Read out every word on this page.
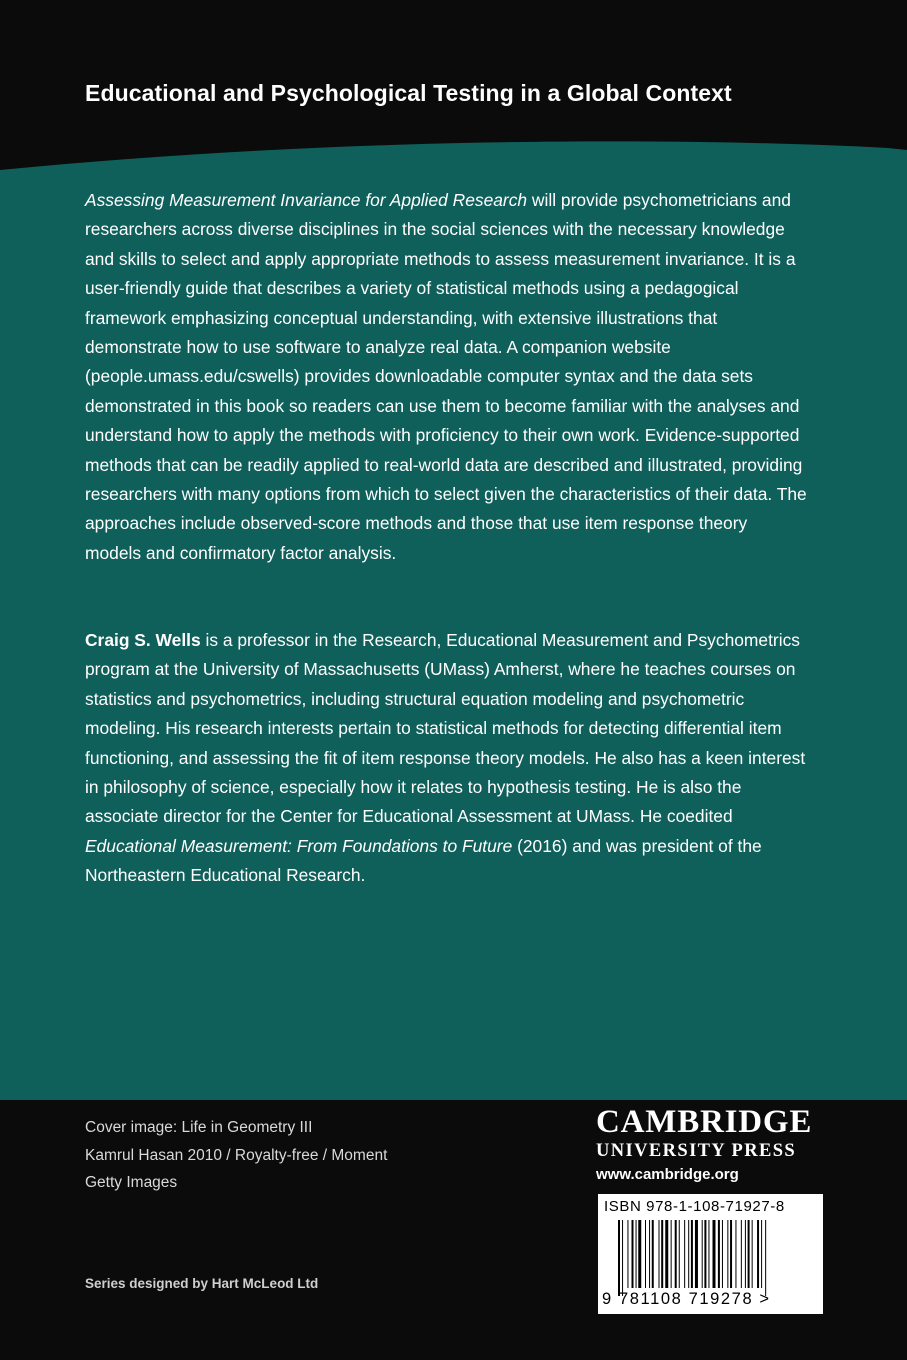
Educational and Psychological Testing in a Global Context

Assessing Measurement Invariance for Applied Research will provide psychometricians and researchers across diverse disciplines in the social sciences with the necessary knowledge and skills to select and apply appropriate methods to assess measurement invariance. It is a user-friendly guide that describes a variety of statistical methods using a pedagogical framework emphasizing conceptual understanding, with extensive illustrations that demonstrate how to use software to analyze real data. A companion website (people.umass.edu/cswells) provides downloadable computer syntax and the data sets demonstrated in this book so readers can use them to become familiar with the analyses and understand how to apply the methods with proficiency to their own work. Evidence-supported methods that can be readily applied to real-world data are described and illustrated, providing researchers with many options from which to select given the characteristics of their data. The approaches include observed-score methods and those that use item response theory models and confirmatory factor analysis.

Craig S. Wells is a professor in the Research, Educational Measurement and Psychometrics program at the University of Massachusetts (UMass) Amherst, where he teaches courses on statistics and psychometrics, including structural equation modeling and psychometric modeling. His research interests pertain to statistical methods for detecting differential item functioning, and assessing the fit of item response theory models. He also has a keen interest in philosophy of science, especially how it relates to hypothesis testing. He is also the associate director for the Center for Educational Assessment at UMass. He coedited Educational Measurement: From Foundations to Future (2016) and was president of the Northeastern Educational Research.

Cover image: Life in Geometry III
Kamrul Hasan 2010 / Royalty-free / Moment
Getty Images
Series designed by Hart McLeod Ltd
CAMBRIDGE
UNIVERSITY PRESS
www.cambridge.org
ISBN 978-1-108-71927-8
9 781108 719278 >
